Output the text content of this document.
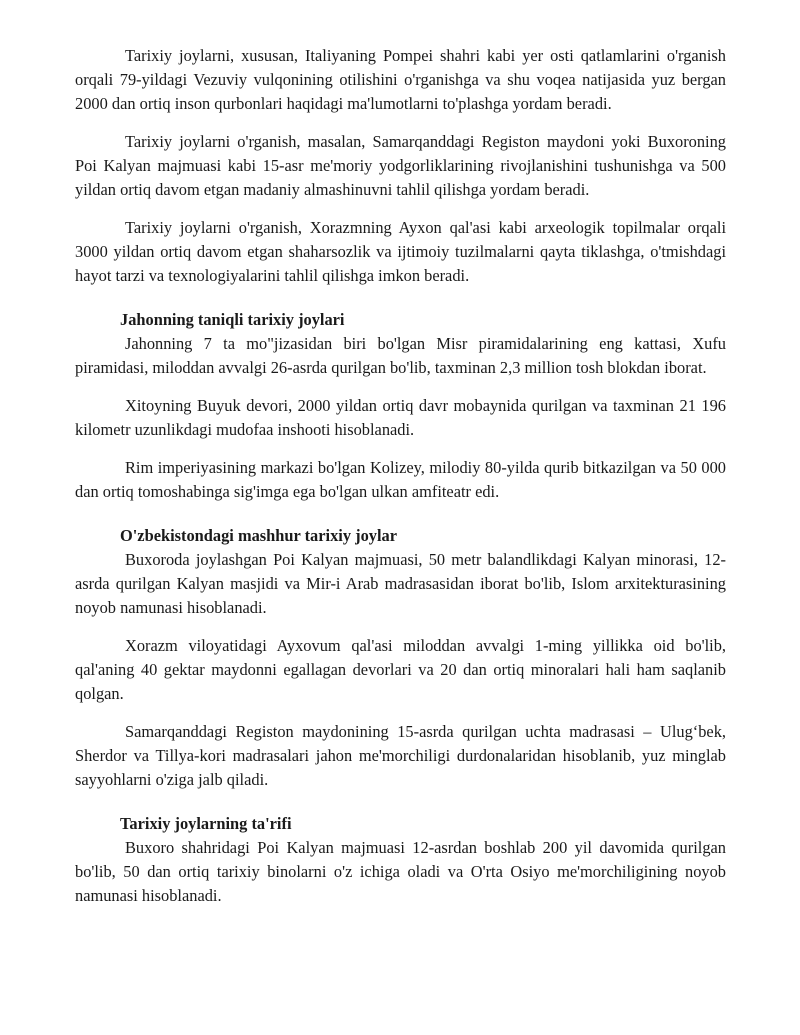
Tarixiy joylarni, xususan, Italiyaning Pompei shahri kabi yer osti qatlamlarini o'rganish orqali 79-yildagi Vezuviy vulqonining otilishini o'rganishga va shu voqea natijasida yuz bergan 2000 dan ortiq inson qurbonlari haqidagi ma'lumotlarni to'plashga yordam beradi.

Tarixiy joylarni o'rganish, masalan, Samarqanddagi Registon maydoni yoki Buxoroning Poi Kalyan majmuasi kabi 15-asr me'moriy yodgorliklarining rivojlanishini tushunishga va 500 yildan ortiq davom etgan madaniy almashinuvni tahlil qilishga yordam beradi.

Tarixiy joylarni o'rganish, Xorazmning Ayxon qal'asi kabi arxeologik topilmalar orqali 3000 yildan ortiq davom etgan shaharsozlik va ijtimoiy tuzilmalarni qayta tiklashga, o'tmishdagi hayot tarzi va texnologiyalarini tahlil qilishga imkon beradi.

Jahonning taniqli tarixiy joylari

Jahonning 7 ta mo"jizasidan biri bo'lgan Misr piramidalarining eng kattasi, Xufu piramidasi, miloddan avvalgi 26-asrda qurilgan bo'lib, taxminan 2,3 million tosh blokdan iborat.

Xitoyning Buyuk devori, 2000 yildan ortiq davr mobaynida qurilgan va taxminan 21 196 kilometr uzunlikdagi mudofaa inshooti hisoblanadi.

Rim imperiyasining markazi bo'lgan Kolizey, milodiy 80-yilda qurib bitkazilgan va 50 000 dan ortiq tomoshabinga sig'imga ega bo'lgan ulkan amfiteatr edi.

O'zbekistondagi mashhur tarixiy joylar

Buxoroda joylashgan Poi Kalyan majmuasi, 50 metr balandlikdagi Kalyan minorasi, 12-asrda qurilgan Kalyan masjidi va Mir-i Arab madrasasidan iborat bo'lib, Islom arxitekturasining noyob namunasi hisoblanadi.

Xorazm viloyatidagi Ayxovum qal'asi miloddan avvalgi 1-ming yillikka oid bo'lib, qal'aning 40 gektar maydonni egallagan devorlari va 20 dan ortiq minoralari hali ham saqlanib qolgan.

Samarqanddagi Registon maydonining 15-asrda qurilgan uchta madrasasi – Ulug‘bek, Sherdor va Tillya-kori madrasalari jahon me'morchiligi durdonalaridan hisoblanib, yuz minglab sayyohlarni o'ziga jalb qiladi.

Tarixiy joylarning ta'rifi

Buxoro shahridagi Poi Kalyan majmuasi 12-asrdan boshlab 200 yil davomida qurilgan bo'lib, 50 dan ortiq tarixiy binolarni o'z ichiga oladi va O'rta Osiyo me'morchiligining noyob namunasi hisoblanadi.
